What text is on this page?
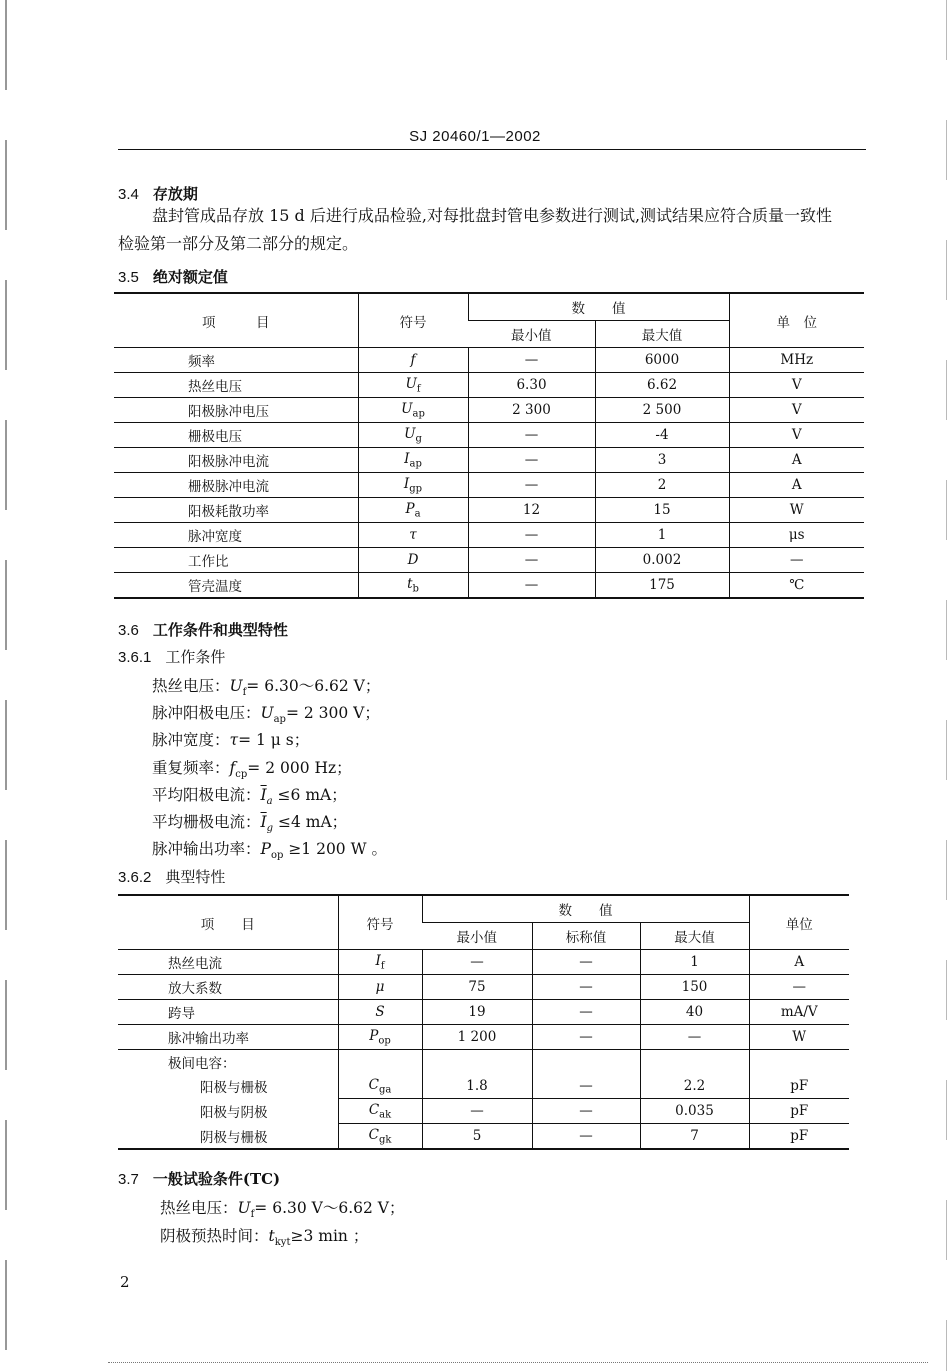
SJ 20460/1—2002
3.4 存放期
盘封管成品存放 15 d 后进行成品检验,对每批盘封管电参数进行测试,测试结果应符合质量一致性
检验第一部分及第二部分的规定。
3.5 绝对额定值
项　　　目	符号	数　　值		单　位
		最小值	最大值	
频率	f	—	6000	MHz
热丝电压	$U_f$	6.30	6.62	V
阳极脉冲电压	$U_{ap}$	2 300	2 500	V
栅极电压	$U_g$	—	-4	V
阳极脉冲电流	$I_{ap}$	—	3	A
栅极脉冲电流	$I_{gp}$	—	2	A
阳极耗散功率	$P_a$	12	15	W
脉冲宽度	τ	—	1	μs
工作比	D	—	0.002	—
管壳温度	$t_b$	—	175	℃
3.6 工作条件和典型特性
3.6.1 工作条件
热丝电压：$U_f=$ 6.30～6.62 V；
脉冲阳极电压：$U_{ap}= 2$ 300 V；
脉冲宽度：τ= 1 μ s；
重复频率：$f_{cp}= 2$ 000 Hz；
平均阳极电流：$\overline{I}_a \le 6$ mA；
平均栅极电流：$\overline{I}_g \le 4$ mA；
脉冲输出功率：$P_{op} \ge 1$ 200 W 。
3.6.2 典型特性
项　　目	符号	数　　值			单位
		最小值	标称值	最大值	
热丝电流	$I_f$	—	—	1	A
放大系数	μ	75	—	150	—
跨导	S	19	—	40	mA/V
脉冲输出功率	$P_{op}$	1 200	—	—	W
极间电容：					
阳极与栅极	$C_{ga}$	1.8	—	2.2	pF
阳极与阴极	$C_{ak}$	—	—	0.035	pF
阴极与栅极	$C_{gk}$	5	—	7	pF
3.7 一般试验条件(TC)
热丝电压：$U_f= 6.30$ V～6.62 V；
阴极预热时间：$t_{kyt}\ge 3$ min ；
2
